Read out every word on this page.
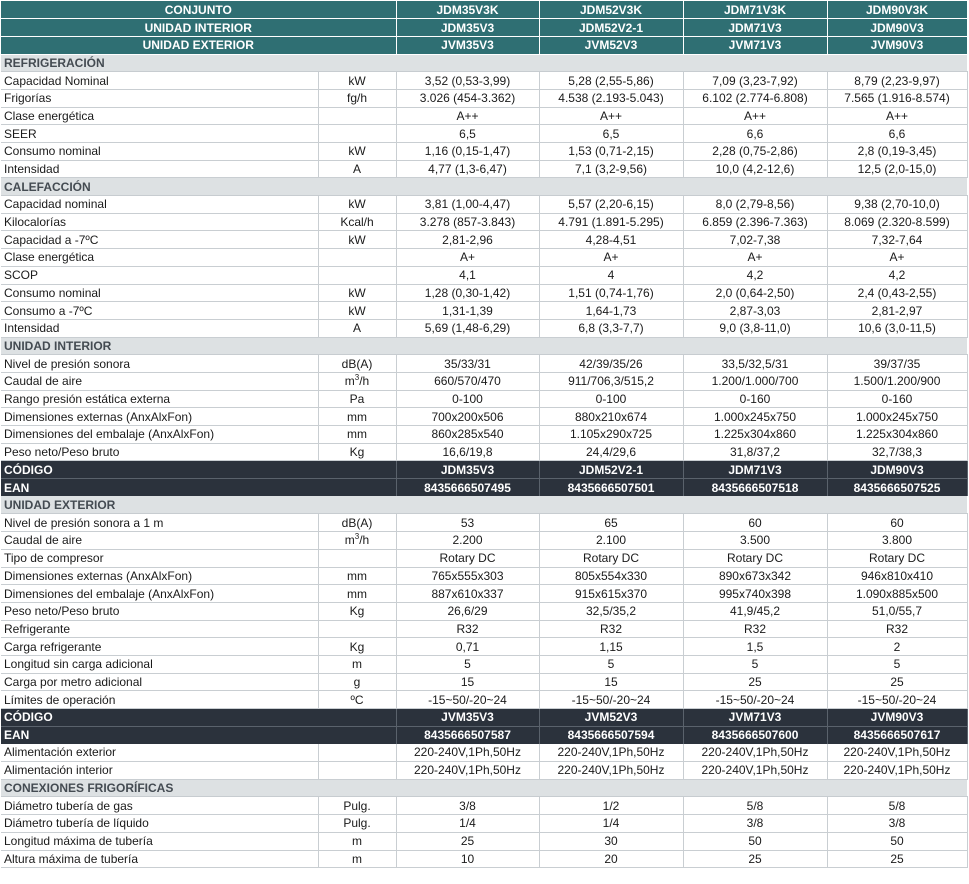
CONJUNTO		JDM35V3K	JDM52V3K	JDM71V3K	JDM90V3K
UNIDAD INTERIOR		JDM35V3	JDM52V2-1	JDM71V3	JDM90V3
UNIDAD EXTERIOR		JVM35V3	JVM52V3	JVM71V3	JVM90V3
REFRIGERACIÓN					
Capacidad Nominal	kW	3,52 (0,53-3,99)	5,28 (2,55-5,86)	7,09 (3,23-7,92)	8,79 (2,23-9,97)
Frigorías	fg/h	3.026 (454-3.362)	4.538 (2.193-5.043)	6.102 (2.774-6.808)	7.565 (1.916-8.574)
Clase energética		A++	A++	A++	A++
SEER		6,5	6,5	6,6	6,6
Consumo nominal	kW	1,16 (0,15-1,47)	1,53 (0,71-2,15)	2,28 (0,75-2,86)	2,8 (0,19-3,45)
Intensidad	A	4,77 (1,3-6,47)	7,1 (3,2-9,56)	10,0 (4,2-12,6)	12,5 (2,0-15,0)
CALEFACCIÓN					
Capacidad nominal	kW	3,81 (1,00-4,47)	5,57 (2,20-6,15)	8,0 (2,79-8,56)	9,38 (2,70-10,0)
Kilocalorías	Kcal/h	3.278 (857-3.843)	4.791 (1.891-5.295)	6.859 (2.396-7.363)	8.069 (2.320-8.599)
Capacidad a -7ºC	kW	2,81-2,96	4,28-4,51	7,02-7,38	7,32-7,64
Clase energética		A+	A+	A+	A+
SCOP		4,1	4	4,2	4,2
Consumo nominal	kW	1,28 (0,30-1,42)	1,51 (0,74-1,76)	2,0 (0,64-2,50)	2,4 (0,43-2,55)
Consumo a -7ºC	kW	1,31-1,39	1,64-1,73	2,87-3,03	2,81-2,97
Intensidad	A	5,69 (1,48-6,29)	6,8 (3,3-7,7)	9,0 (3,8-11,0)	10,6 (3,0-11,5)
UNIDAD INTERIOR					
Nivel de presión sonora	dB(A)	35/33/31	42/39/35/26	33,5/32,5/31	39/37/35
Caudal de aire	$m^3/h$	660/570/470	911/706,3/515,2	1.200/1.000/700	1.500/1.200/900
Rango presión estática externa	Pa	0-100	0-100	0-160	0-160
Dimensiones externas (AnxAlxFon)	mm	700x200x506	880x210x674	1.000x245x750	1.000x245x750
Dimensiones del embalaje (AnxAlxFon)	mm	860x285x540	1.105x290x725	1.225x304x860	1.225x304x860
Peso neto/Peso bruto	Kg	16,6/19,8	24,4/29,6	31,8/37,2	32,7/38,3
CÓDIGO		JDM35V3	JDM52V2-1	JDM71V3	JDM90V3
EAN		8435666507495	8435666507501	8435666507518	8435666507525
UNIDAD EXTERIOR					
Nivel de presión sonora a 1 m	dB(A)	53	65	60	60
Caudal de aire	$m^3/h$	2.200	2.100	3.500	3.800
Tipo de compresor		Rotary DC	Rotary DC	Rotary DC	Rotary DC
Dimensiones externas (AnxAlxFon)	mm	765x555x303	805x554x330	890x673x342	946x810x410
Dimensiones del embalaje (AnxAlxFon)	mm	887x610x337	915x615x370	995x740x398	1.090x885x500
Peso neto/Peso bruto	Kg	26,6/29	32,5/35,2	41,9/45,2	51,0/55,7
Refrigerante		R32	R32	R32	R32
Carga refrigerante	Kg	0,71	1,15	1,5	2
Longitud sin carga adicional	m	5	5	5	5
Carga por metro adicional	g	15	15	25	25
Límites de operación	ºC	-15~50/-20~24	-15~50/-20~24	-15~50/-20~24	-15~50/-20~24
CÓDIGO		JVM35V3	JVM52V3	JVM71V3	JVM90V3
EAN		8435666507587	8435666507594	8435666507600	8435666507617
Alimentación exterior		220-240V,1Ph,50Hz	220-240V,1Ph,50Hz	220-240V,1Ph,50Hz	220-240V,1Ph,50Hz
Alimentación interior		220-240V,1Ph,50Hz	220-240V,1Ph,50Hz	220-240V,1Ph,50Hz	220-240V,1Ph,50Hz
CONEXIONES FRIGORÍFICAS					
Diámetro tubería de gas	Pulg.	3/8	1/2	5/8	5/8
Diámetro tubería de líquido	Pulg.	1/4	1/4	3/8	3/8
Longitud máxima de tubería	m	25	30	50	50
Altura máxima de tubería	m	10	20	25	25
